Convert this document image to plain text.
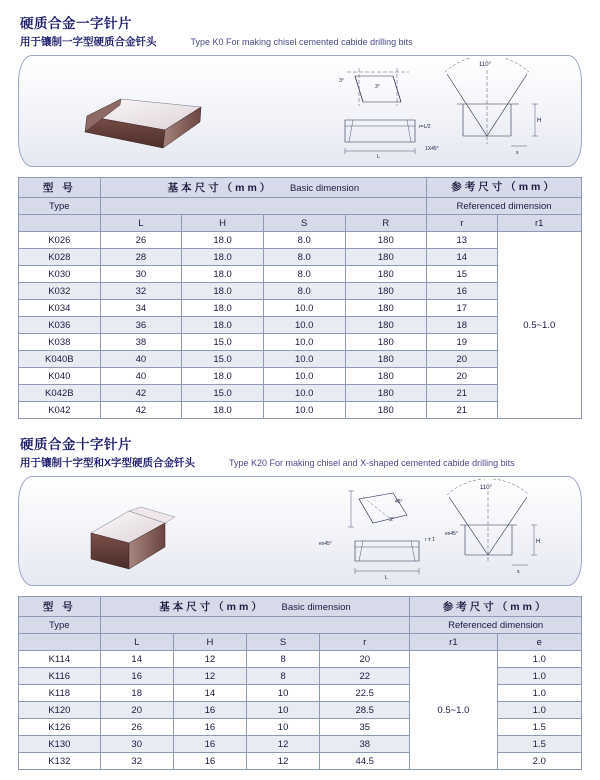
硬质合金一字针片
用于镶制一字型硬质合金钎头	Type K0 For making chisel cemented cabide drilling bits
110°
3°
3°
r=L/2
1X45°
H
s
L
型 号	基本尺寸（mm） Basic dimension				参考尺寸（mm）	

Type					Referenced dimension	
	L	H	S	R	r	r1
K026	26	18.0	8.0	180	13	0.5~1.0
K028	28	18.0	8.0	180	14	
K030	30	18.0	8.0	180	15	
K032	32	18.0	8.0	180	16	
K034	34	18.0	10.0	180	17	
K036	36	18.0	10.0	180	18	
K038	38	15.0	10.0	180	19	
K040B	40	15.0	10.0	180	20	
K040	40	18.0	10.0	180	20	
K042B	42	15.0	10.0	180	21	
K042	42	18.0	10.0	180	21	
硬质合金十字针片
用于镶制十字型和X字型硬质合金钎头	Type K20 For making chisel and X-shaped cemented cabide drilling bits
110°
45°
3°
ex45°
r ± 1
ex45°
H
s
L
型 号	基本尺寸（mm） Basic dimension				参考尺寸（mm）	
Type					Referenced dimension	
	L	H	S	r	r1	e
K114	14	12	8	20	0.5~1.0	1.0
K116	16	12	8	22		1.0
K118	18	14	10	22.5		1.0
K120	20	16	10	28.5		1.0
K126	26	16	10	35		1.5
K130	30	16	12	38		1.5
K132	32	16	12	44.5		2.0
